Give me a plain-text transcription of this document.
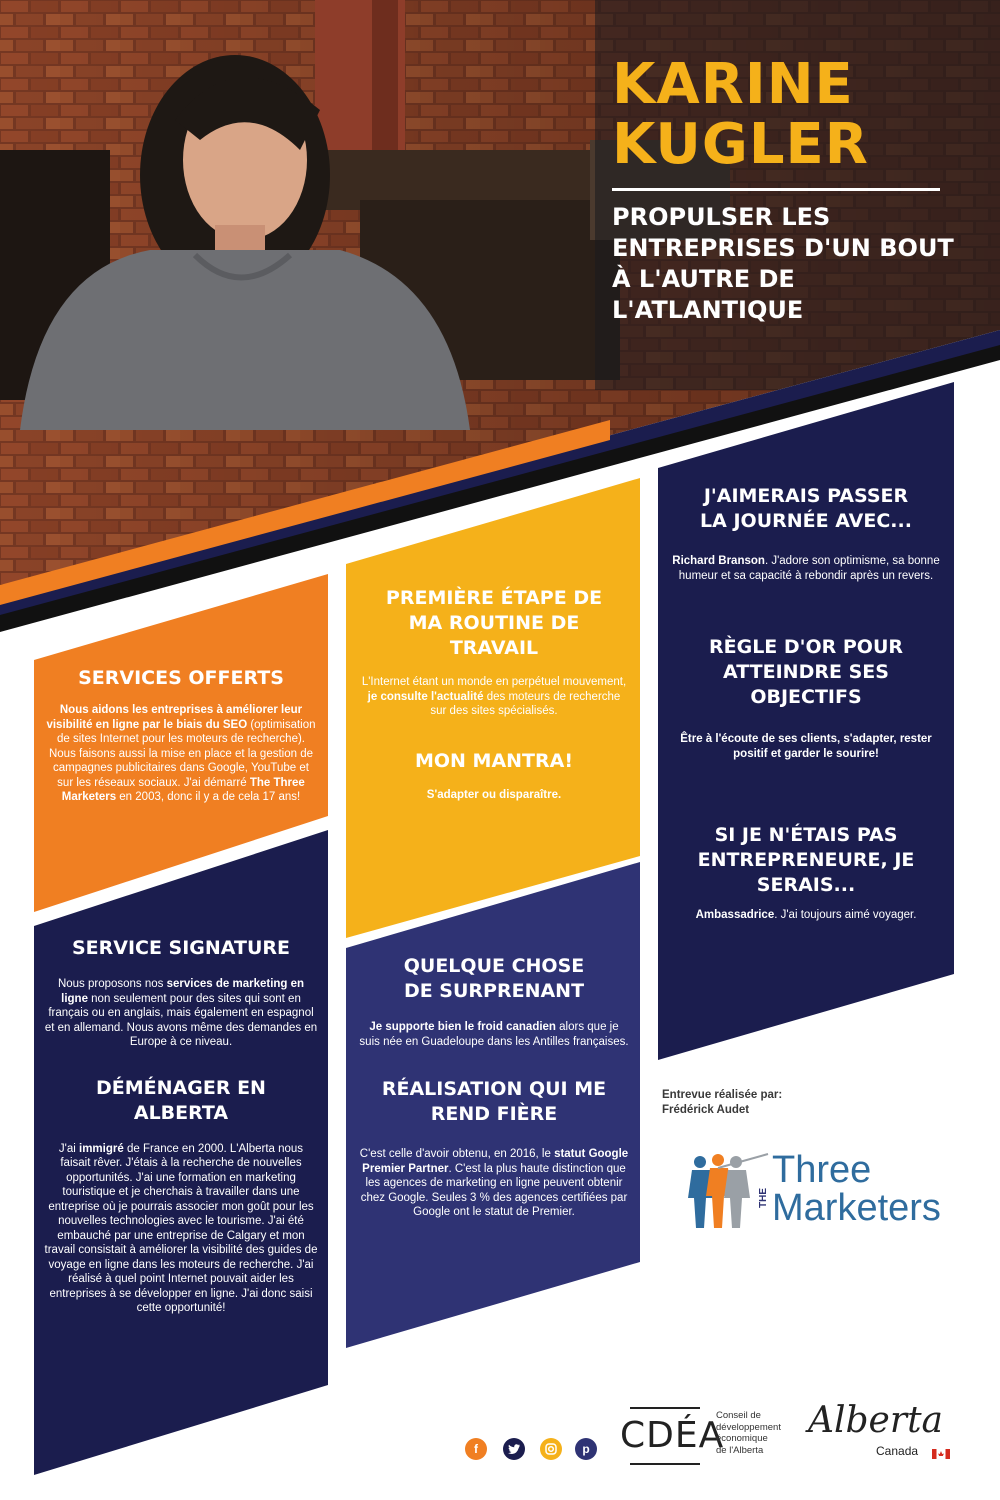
KARINE
KUGLER
PROPULSER LES
ENTREPRISES D'UN BOUT
À L'AUTRE DE
L'ATLANTIQUE

SERVICES OFFERTS

Nous aidons les entreprises à améliorer leur visibilité en ligne par le biais du SEO (optimisation de sites Internet pour les moteurs de recherche). Nous faisons aussi la mise en place et la gestion de campagnes publicitaires dans Google, YouTube et sur les réseaux sociaux. J'ai démarré The Three Marketers en 2003, donc il y a de cela 17 ans!

SERVICE SIGNATURE

Nous proposons nos services de marketing en ligne non seulement pour des sites qui sont en français ou en anglais, mais également en espagnol et en allemand. Nous avons même des demandes en Europe à ce niveau.

DÉMÉNAGER EN
ALBERTA

J'ai immigré de France en 2000. L'Alberta nous faisait rêver. J'étais à la recherche de nouvelles opportunités. J'ai une formation en marketing touristique et je cherchais à travailler dans une entreprise où je pourrais associer mon goût pour les nouvelles technologies avec le tourisme. J'ai été embauché par une entreprise de Calgary et mon travail consistait à améliorer la visibilité des guides de voyage en ligne dans les moteurs de recherche. J'ai réalisé à quel point Internet pouvait aider les entreprises à se développer en ligne. J'ai donc saisi cette opportunité!

PREMIÈRE ÉTAPE DE
MA ROUTINE DE
TRAVAIL

L'Internet étant un monde en perpétuel mouvement, je consulte l'actualité des moteurs de recherche sur des sites spécialisés.

MON MANTRA!

S'adapter ou disparaître.

QUELQUE CHOSE
DE SURPRENANT

Je supporte bien le froid canadien alors que je suis née en Guadeloupe dans les Antilles françaises.

RÉALISATION QUI ME
REND FIÈRE

C'est celle d'avoir obtenu, en 2016, le statut Google Premier Partner. C'est la plus haute distinction que les agences de marketing en ligne peuvent obtenir chez Google. Seules 3 % des agences certifiées par Google ont le statut de Premier.

J'AIMERAIS PASSER
LA JOURNÉE AVEC...

Richard Branson. J'adore son optimisme, sa bonne humeur et sa capacité à rebondir après un revers.

RÈGLE D'OR POUR
ATTEINDRE SES
OBJECTIFS

Être à l'écoute de ses clients, s'adapter, rester positif et garder le sourire!

SI JE N'ÉTAIS PAS
ENTREPRENEURE, JE
SERAIS...

Ambassadrice. J'ai toujours aimé voyager.

Entrevue réalisée par:
Frédérick Audet
THE
Three
Marketers
f	p CDÉA
Conseil de
développement
économique
de l'Alberta
Alberta
Canada
